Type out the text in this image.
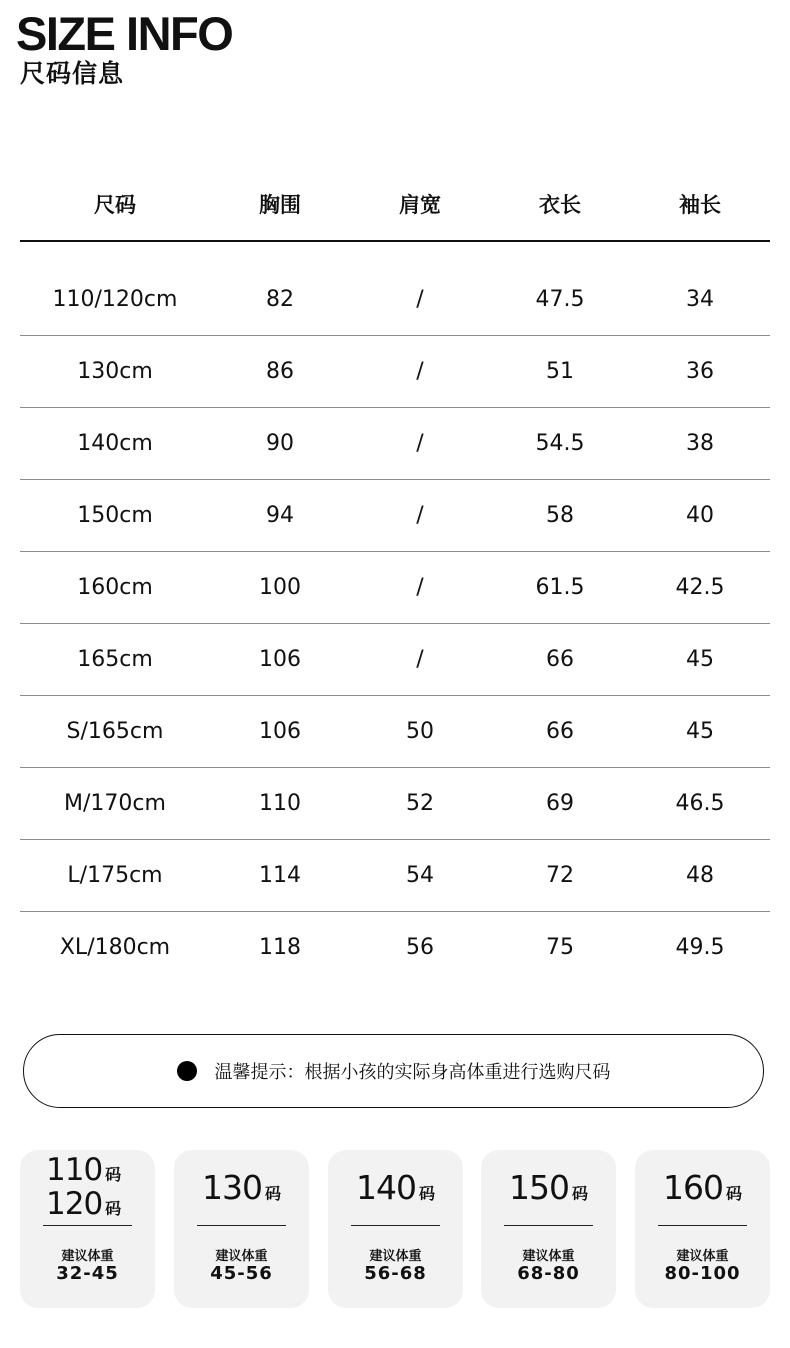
SIZE INFO
尺码信息
尺码	胸围	肩宽	衣长	袖长
110/120cm	82	/	47.5	34
130cm	86	/	51	36
140cm	90	/	54.5	38
150cm	94	/	58	40
160cm	100	/	61.5	42.5
165cm	106	/	66	45
S/165cm	106	50	66	45
M/170cm	110	52	69	46.5
L/175cm	114	54	72	48
XL/180cm	118	56	75	49.5
温馨提示：根据小孩的实际身高体重进行选购尺码
110 码
120 码
建议体重
32-45
130 码
建议体重
45-56
140 码
建议体重
56-68
150 码
建议体重
68-80
160 码
建议体重
80-100
